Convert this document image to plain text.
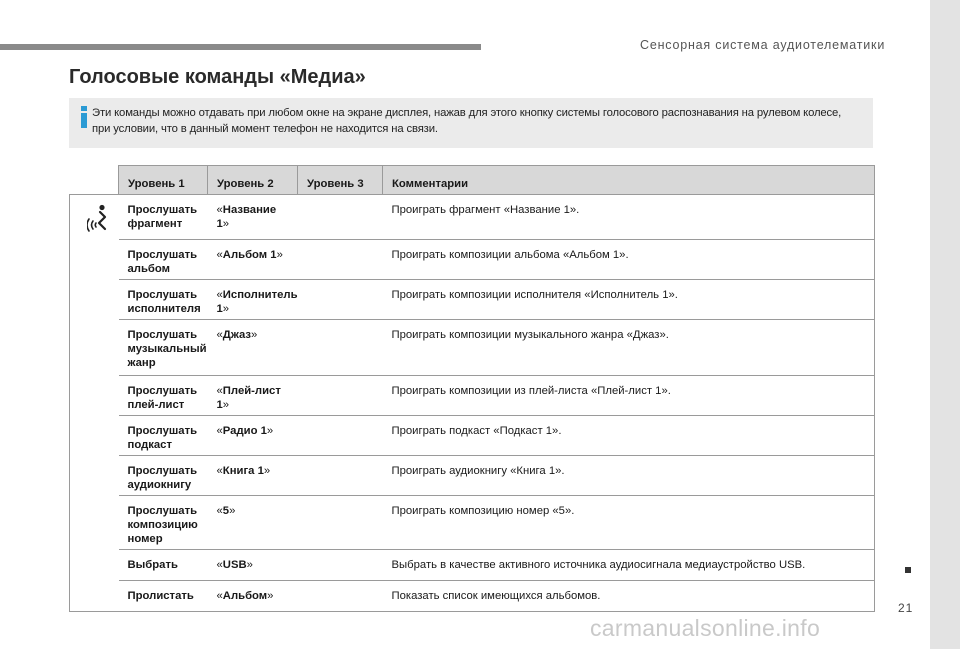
Сенсорная система аудиотелематики
21
Голосовые команды «Медиа»
Эти команды можно отдавать при любом окне на экране дисплея, нажав для этого кнопку системы голосового распознавания на рулевом колесе, при условии, что в данный момент телефон не находится на связи.
	Уровень 1	Уровень 2	Уровень 3	Комментарии

	Прослушать фрагмент	«Название 1»		Проиграть фрагмент «Название 1».
	Прослушать альбом	«Альбом 1»		Проиграть композиции альбома «Альбом 1».
	Прослушать исполнителя	«Исполнитель 1»		Проиграть композиции исполнителя «Исполнитель 1».
	Прослушать музыкальный жанр	«Джаз»		Проиграть композиции музыкального жанра «Джаз».
	Прослушать плей-лист	«Плей-лист 1»		Проиграть композиции из плей-листа «Плей-лист 1».
	Прослушать подкаст	«Радио 1»		Проиграть подкаст «Подкаст 1».
	Прослушать аудиокнигу	«Книга 1»		Проиграть аудиокнигу «Книга 1».
	Прослушать композицию номер	«5»		Проиграть композицию номер «5».
	Выбрать	«USB»		Выбрать в качестве активного источника аудиосигнала медиаустройство USB.
	Пролистать	«Альбом»		Показать список имеющихся альбомов.
carmanualsonline.info
